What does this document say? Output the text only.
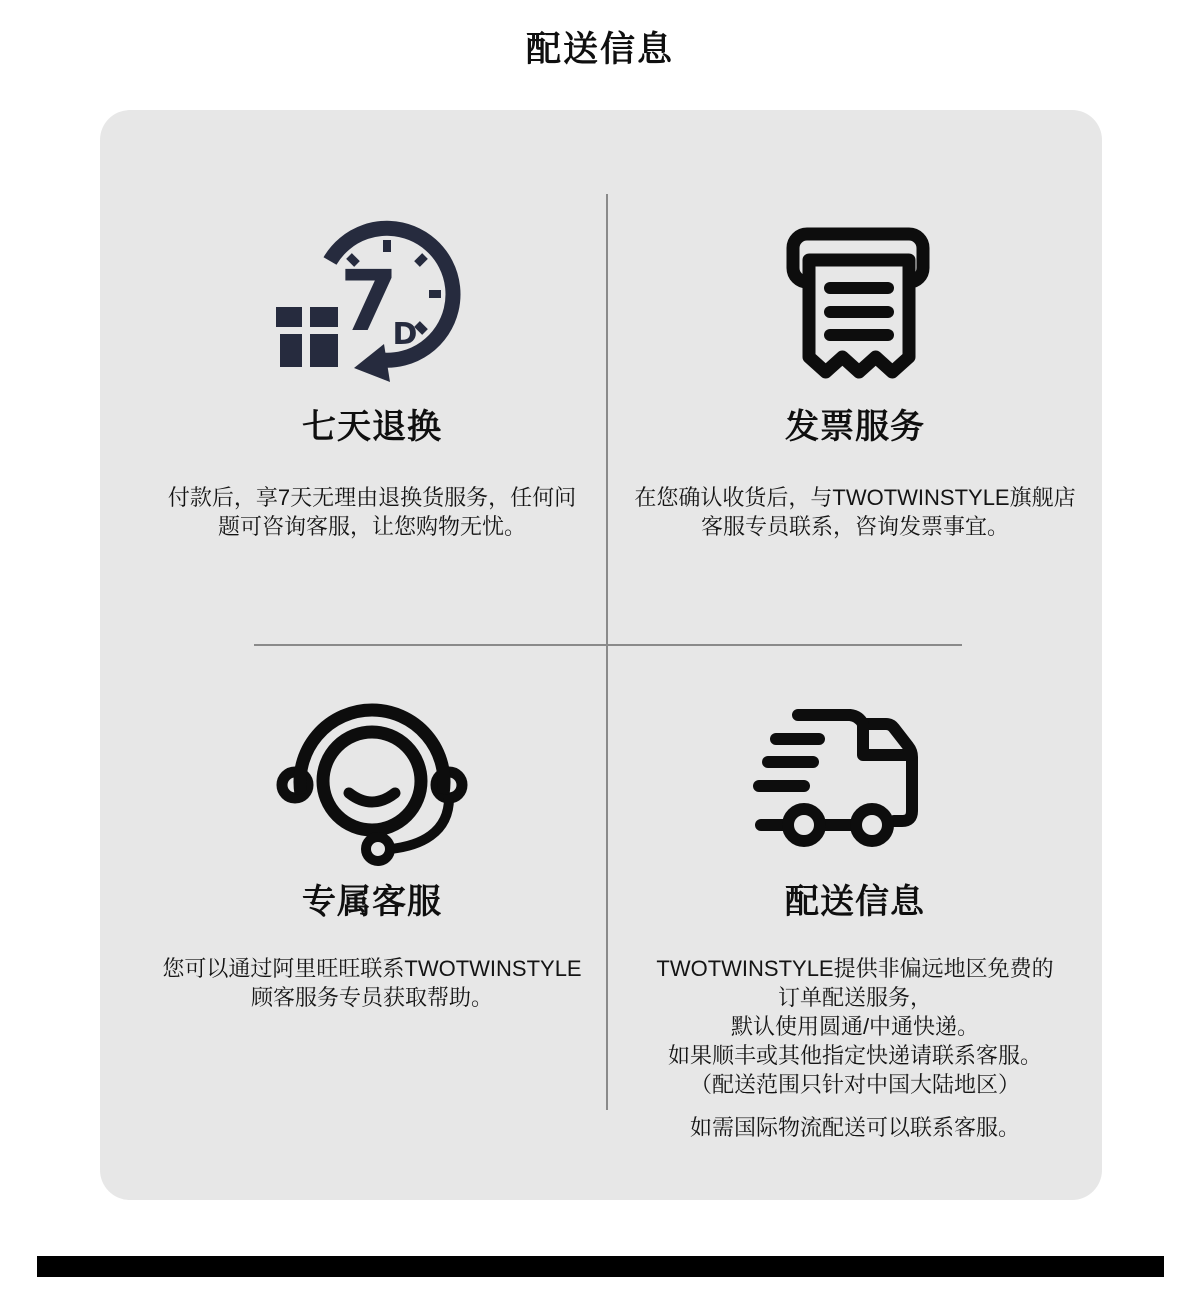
配送信息
7
D
七天退换
付款后，享7天无理由退换货服务，任何问
题可咨询客服，让您购物无忧。
发票服务
在您确认收货后，与TWOTWINSTYLE旗舰店
客服专员联系，咨询发票事宜。
专属客服
您可以通过阿里旺旺联系TWOTWINSTYLE
顾客服务专员获取帮助。
配送信息
TWOTWINSTYLE提供非偏远地区免费的
订单配送服务，
默认使用圆通/中通快递。
如果顺丰或其他指定快递请联系客服。
（配送范围只针对中国大陆地区）
如需国际物流配送可以联系客服。
